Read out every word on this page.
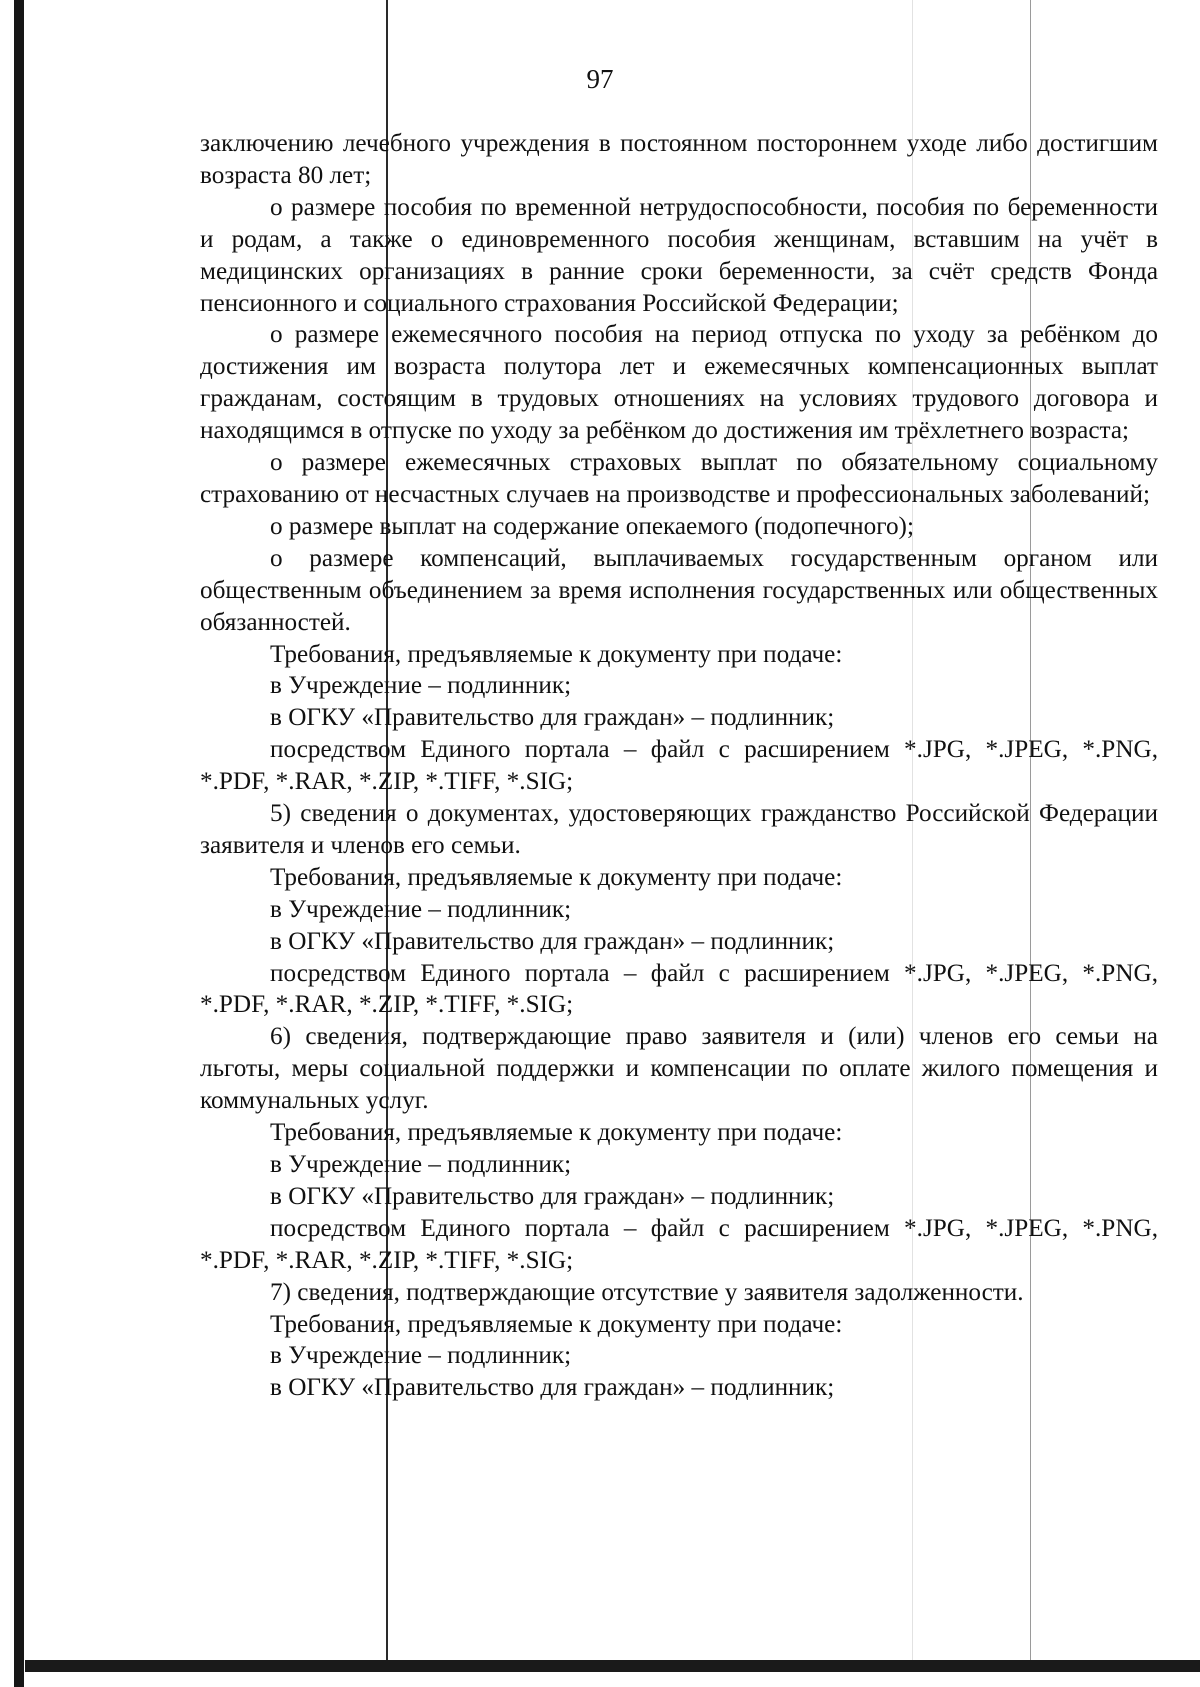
97

заключению лечебного учреждения в постоянном постороннем уходе либо достигшим возраста 80 лет;

о размере пособия по временной нетрудоспособности, пособия по беременности и родам, а также о единовременного пособия женщинам, вставшим на учёт в медицинских организациях в ранние сроки беременности, за счёт средств Фонда пенсионного и социального страхования Российской Федерации;

о размере ежемесячного пособия на период отпуска по уходу за ребёнком до достижения им возраста полутора лет и ежемесячных компенсационных выплат гражданам, состоящим в трудовых отношениях на условиях трудового договора и находящимся в отпуске по уходу за ребёнком до достижения им трёхлетнего возраста;

о размере ежемесячных страховых выплат по обязательному социальному страхованию от несчастных случаев на производстве и профессиональных заболеваний;

о размере выплат на содержание опекаемого (подопечного);

о размере компенсаций, выплачиваемых государственным органом или общественным объединением за время исполнения государственных или общественных обязанностей.

Требования, предъявляемые к документу при подаче:

в Учреждение – подлинник;

в ОГКУ «Правительство для граждан» – подлинник;

посредством Единого портала – файл с расширением *.JPG, *.JPEG, *.PNG, *.PDF, *.RAR, *.ZIP, *.TIFF, *.SIG;

5) сведения о документах, удостоверяющих гражданство Российской Федерации заявителя и членов его семьи.

Требования, предъявляемые к документу при подаче:

в Учреждение – подлинник;

в ОГКУ «Правительство для граждан» – подлинник;

посредством Единого портала – файл с расширением *.JPG, *.JPEG, *.PNG, *.PDF, *.RAR, *.ZIP, *.TIFF, *.SIG;

6) сведения, подтверждающие право заявителя и (или) членов его семьи на льготы, меры социальной поддержки и компенсации по оплате жилого помещения и коммунальных услуг.

Требования, предъявляемые к документу при подаче:

в Учреждение – подлинник;

в ОГКУ «Правительство для граждан» – подлинник;

посредством Единого портала – файл с расширением *.JPG, *.JPEG, *.PNG, *.PDF, *.RAR, *.ZIP, *.TIFF, *.SIG;

7) сведения, подтверждающие отсутствие у заявителя задолженности.

Требования, предъявляемые к документу при подаче:

в Учреждение – подлинник;

в ОГКУ «Правительство для граждан» – подлинник;
